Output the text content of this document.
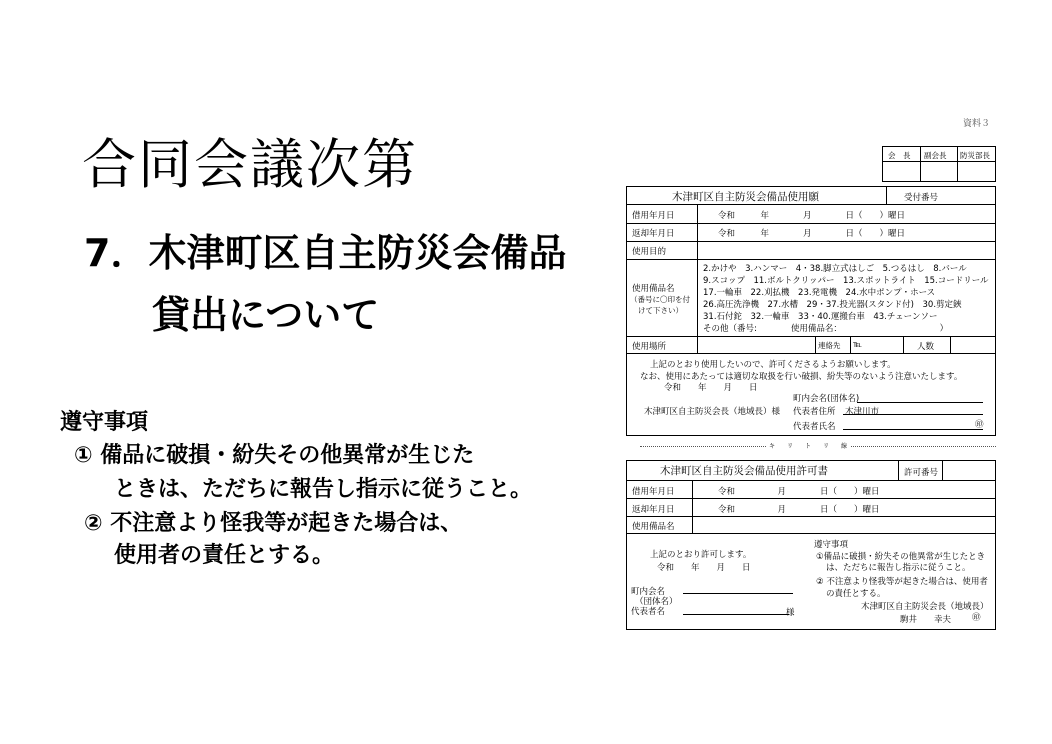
合同会議次第
7．木津町区自主防災会備品
貸出について
遵守事項
① 備品に破損・紛失その他異常が生じた
ときは、ただちに報告し指示に従うこと。
② 不注意より怪我等が起きた場合は、
使用者の責任とする。
資料３
会　長 副会長 防災部長
木津町区自主防災会備品使用願	受付番号
借用年月日	令和　　　年　　　　月　　　　日（　　）曜日
返却年月日	令和　　　年　　　　月　　　　日（　　）曜日
使用目的
使用備品名
（番号に〇印を付
けて下さい）
2.かけや　3.ハンマー　4・38.脚立式はしご　5.つるはし　8.バール
9.スコップ　11.ボルトクリッパー　13.スポットライト　15.コードリール
17.一輪車　22.刈払機　23.発電機　24.水中ポンプ・ホース
26.高圧洗浄機　27.水槽　29・37.投光器(スタンド付)　30.剪定鋏
31.石付鉈　32.一輪車　33・40.運搬台車　43.チェーンソー
その他（番号:　　　　使用備品名：　　　　　　　　　　　　）
使用場所	連絡先 ℡	人数
上記のとおり使用したいので、許可くださるようお願いします。
なお、使用にあたっては適切な取扱を行い破損、紛失等のないよう注意いたします。
令和　　年　　月　　日
木津町区自主防災会長（地域長）様
町内会名(団体名)
代表者住所 木津川市
代表者氏名	㊞
キ　　リ　　ト　　リ　　線
木津町区自主防災会備品使用許可書	許可番号
借用年月日	令和　　　　　月　　　　日（　　）曜日
返却年月日	令和　　　　　月　　　　日（　　）曜日
使用備品名
上記のとおり許可します。
令和　　年　　月　　日
町内会名
（団体名）
代表者名	様
遵守事項
①備品に破損・紛失その他異常が生じたとき
は、ただちに報告し指示に従うこと。
② 不注意より怪我等が起きた場合は、使用者
の責任とする。
木津町区自主防災会長（地域長）
駒井　　幸夫 ㊞
